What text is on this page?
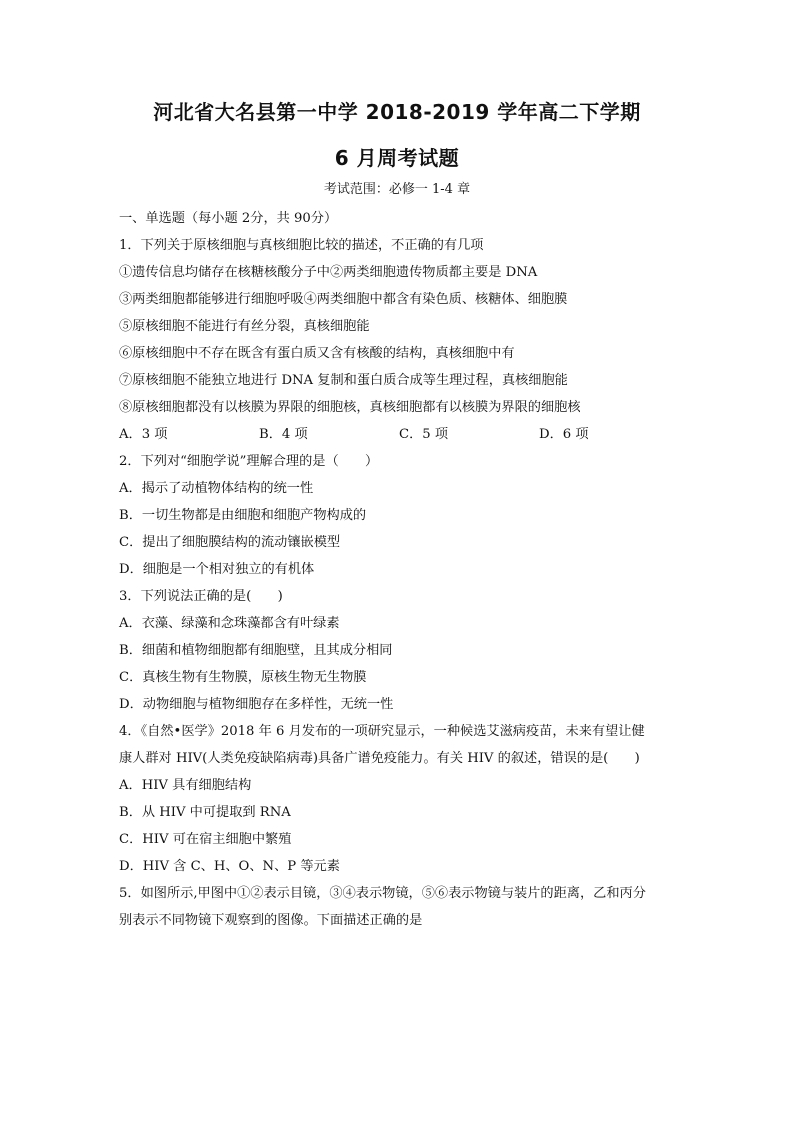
河北省大名县第一中学 2018-2019 学年高二下学期
6 月周考试题

考试范围：必修一 1-4 章

一、单选题（每小题 2分，共 90分）

1．下列关于原核细胞与真核细胞比较的描述，不正确的有几项

①遗传信息均储存在核糖核酸分子中②两类细胞遗传物质都主要是 DNA

③两类细胞都能够进行细胞呼吸④两类细胞中都含有染色质、核糖体、细胞膜

⑤原核细胞不能进行有丝分裂，真核细胞能

⑥原核细胞中不存在既含有蛋白质又含有核酸的结构，真核细胞中有

⑦原核细胞不能独立地进行 DNA 复制和蛋白质合成等生理过程，真核细胞能

⑧原核细胞都没有以核膜为界限的细胞核，真核细胞都有以核膜为界限的细胞核

A．3 项	B．4 项	C．5 项	D．6 项

2．下列对“细胞学说”理解合理的是（　　）

A．揭示了动植物体结构的统一性

B．一切生物都是由细胞和细胞产物构成的

C．提出了细胞膜结构的流动镶嵌模型

D．细胞是一个相对独立的有机体

3．下列说法正确的是(　　)

A．衣藻、绿藻和念珠藻都含有叶绿素

B．细菌和植物细胞都有细胞壁，且其成分相同

C．真核生物有生物膜，原核生物无生物膜

D．动物细胞与植物细胞存在多样性，无统一性

4．《自然•医学》2018 年 6 月发布的一项研究显示，一种候选艾滋病疫苗，未来有望让健

康人群对 HIV(人类免疫缺陷病毒)具备广谱免疫能力。有关 HIV 的叙述，错误的是(　　)

A．HIV 具有细胞结构

B．从 HIV 中可提取到 RNA

C．HIV 可在宿主细胞中繁殖

D．HIV 含 C、H、O、N、P 等元素

5．如图所示,甲图中①②表示目镜，③④表示物镜，⑤⑥表示物镜与装片的距离，乙和丙分

别表示不同物镜下观察到的图像。下面描述正确的是
